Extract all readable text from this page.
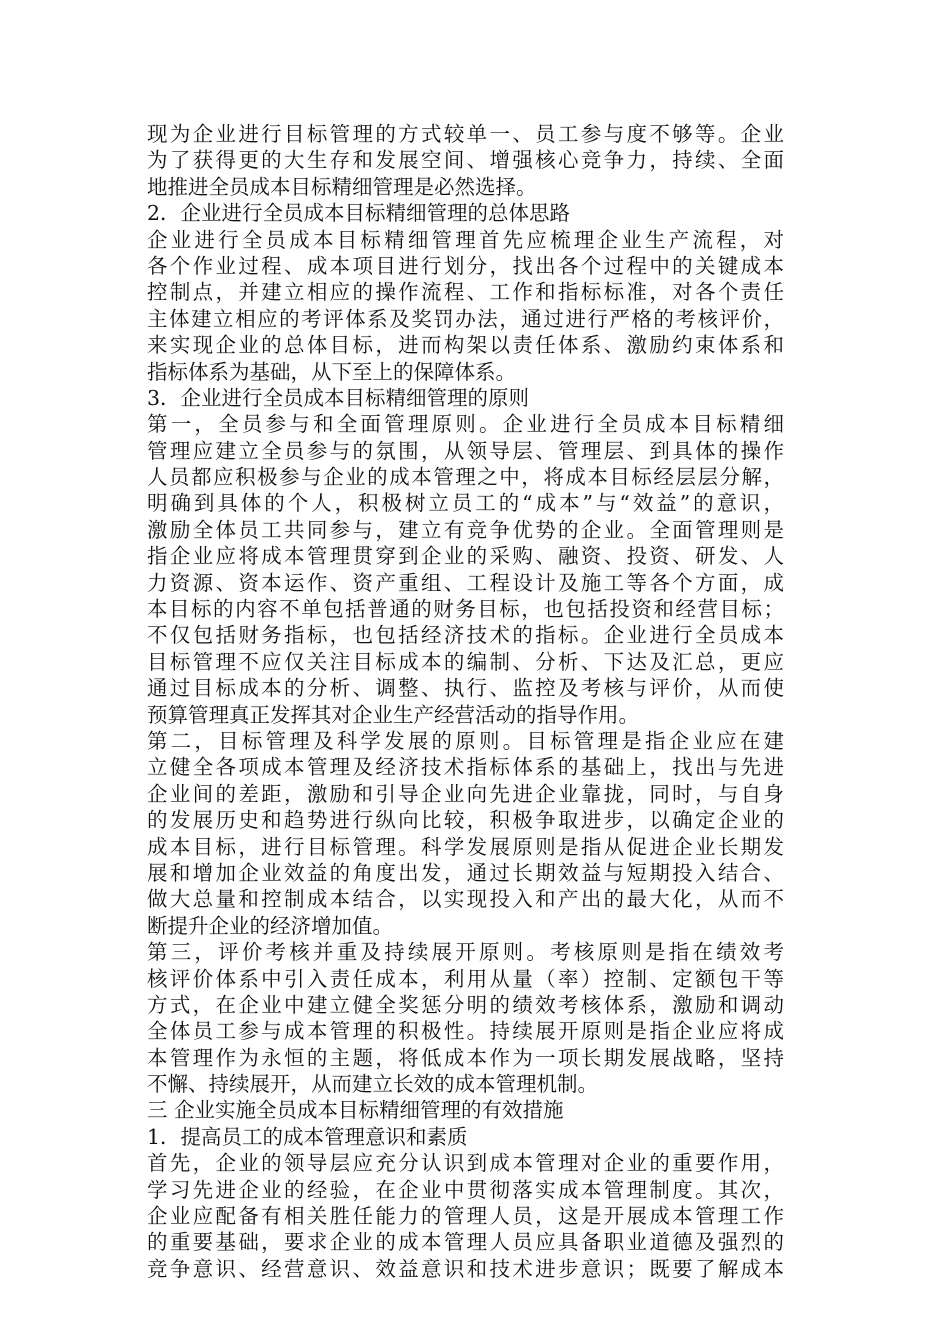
现为企业进行目标管理的方式较单一、员工参与度不够等。企业
为了获得更的大生存和发展空间、增强核心竞争力，持续、全面
地推进全员成本目标精细管理是必然选择。
2．企业进行全员成本目标精细管理的总体思路
企业进行全员成本目标精细管理首先应梳理企业生产流程，对
各个作业过程、成本项目进行划分，找出各个过程中的关键成本
控制点，并建立相应的操作流程、工作和指标标准，对各个责任
主体建立相应的考评体系及奖罚办法，通过进行严格的考核评价，
来实现企业的总体目标，进而构架以责任体系、激励约束体系和
指标体系为基础，从下至上的保障体系。
3．企业进行全员成本目标精细管理的原则
第一，全员参与和全面管理原则。企业进行全员成本目标精细
管理应建立全员参与的氛围，从领导层、管理层、到具体的操作
人员都应积极参与企业的成本管理之中，将成本目标经层层分解，
明确到具体的个人，积极树立员工的“成本”与“效益”的意识，
激励全体员工共同参与，建立有竞争优势的企业。全面管理则是
指企业应将成本管理贯穿到企业的采购、融资、投资、研发、人
力资源、资本运作、资产重组、工程设计及施工等各个方面，成
本目标的内容不单包括普通的财务目标，也包括投资和经营目标；
不仅包括财务指标，也包括经济技术的指标。企业进行全员成本
目标管理不应仅关注目标成本的编制、分析、下达及汇总，更应
通过目标成本的分析、调整、执行、监控及考核与评价，从而使
预算管理真正发挥其对企业生产经营活动的指导作用。
第二，目标管理及科学发展的原则。目标管理是指企业应在建
立健全各项成本管理及经济技术指标体系的基础上，找出与先进
企业间的差距，激励和引导企业向先进企业靠拢，同时，与自身
的发展历史和趋势进行纵向比较，积极争取进步，以确定企业的
成本目标，进行目标管理。科学发展原则是指从促进企业长期发
展和增加企业效益的角度出发，通过长期效益与短期投入结合、
做大总量和控制成本结合，以实现投入和产出的最大化，从而不
断提升企业的经济增加值。
第三，评价考核并重及持续展开原则。考核原则是指在绩效考
核评价体系中引入责任成本，利用从量（率）控制、定额包干等
方式，在企业中建立健全奖惩分明的绩效考核体系，激励和调动
全体员工参与成本管理的积极性。持续展开原则是指企业应将成
本管理作为永恒的主题，将低成本作为一项长期发展战略，坚持
不懈、持续展开，从而建立长效的成本管理机制。
三 企业实施全员成本目标精细管理的有效措施
1．提高员工的成本管理意识和素质
首先，企业的领导层应充分认识到成本管理对企业的重要作用，
学习先进企业的经验，在企业中贯彻落实成本管理制度。其次，
企业应配备有相关胜任能力的管理人员，这是开展成本管理工作
的重要基础，要求企业的成本管理人员应具备职业道德及强烈的
竞争意识、经营意识、效益意识和技术进步意识；既要了解成本
